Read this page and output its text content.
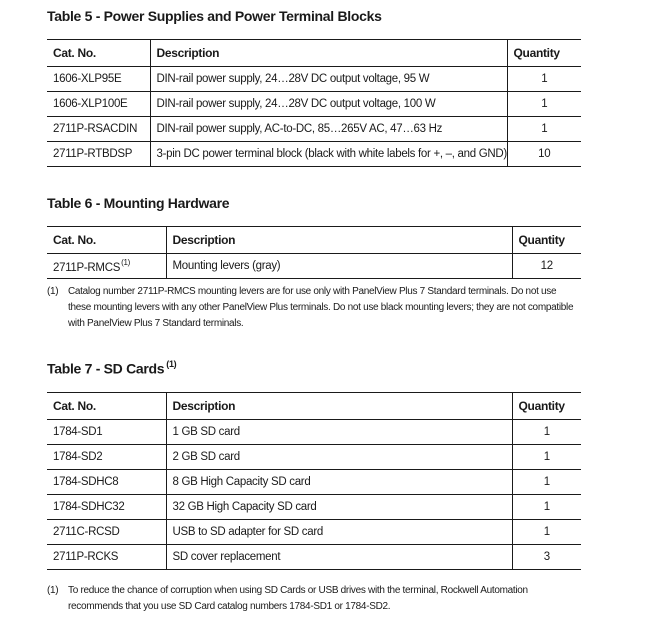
Table 5 - Power Supplies and Power Terminal Blocks
Cat. No.	Description	Quantity
1606-XLP95E	DIN-rail power supply, 24…28V DC output voltage, 95 W	1
1606-XLP100E	DIN-rail power supply, 24…28V DC output voltage, 100 W	1
2711P-RSACDIN	DIN-rail power supply, AC-to-DC, 85…265V AC, 47…63 Hz	1
2711P-RTBDSP	3-pin DC power terminal block (black with white labels for +, –, and GND)	10
Table 6 - Mounting Hardware
Cat. No.	Description	Quantity
2711P-RMCS$^{(1)}$	Mounting levers (gray)	12
(1) Catalog number 2711P-RMCS mounting levers are for use only with PanelView Plus 7 Standard terminals. Do not use these mounting levers with any other PanelView Plus terminals. Do not use black mounting levers; they are not compatible with PanelView Plus 7 Standard terminals.
Table 7 - SD Cards $^{(1)}$
Cat. No.	Description	Quantity
1784-SD1	1 GB SD card	1
1784-SD2	2 GB SD card	1
1784-SDHC8	8 GB High Capacity SD card	1
1784-SDHC32	32 GB High Capacity SD card	1
2711C-RCSD	USB to SD adapter for SD card	1
2711P-RCKS	SD cover replacement	3
(1) To reduce the chance of corruption when using SD Cards or USB drives with the terminal, Rockwell Automation recommends that you use SD Card catalog numbers 1784-SD1 or 1784-SD2.
